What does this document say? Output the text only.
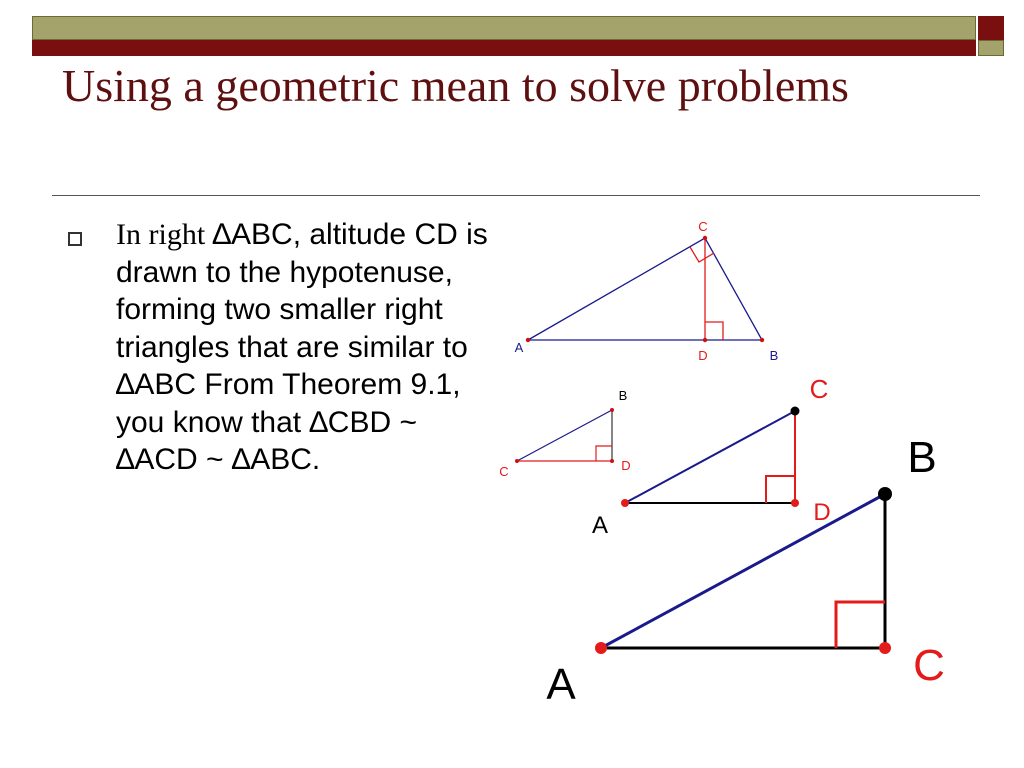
Using a geometric mean to solve problems

In right ∆ABC, altitude CD is drawn to the hypotenuse, forming two smaller right triangles that are similar to ∆ABC From Theorem 9.1, you know that ∆CBD ~ ∆ACD ~ ∆ABC.

A
C
D	B
B
C	D
A
C
D
A
B
C
